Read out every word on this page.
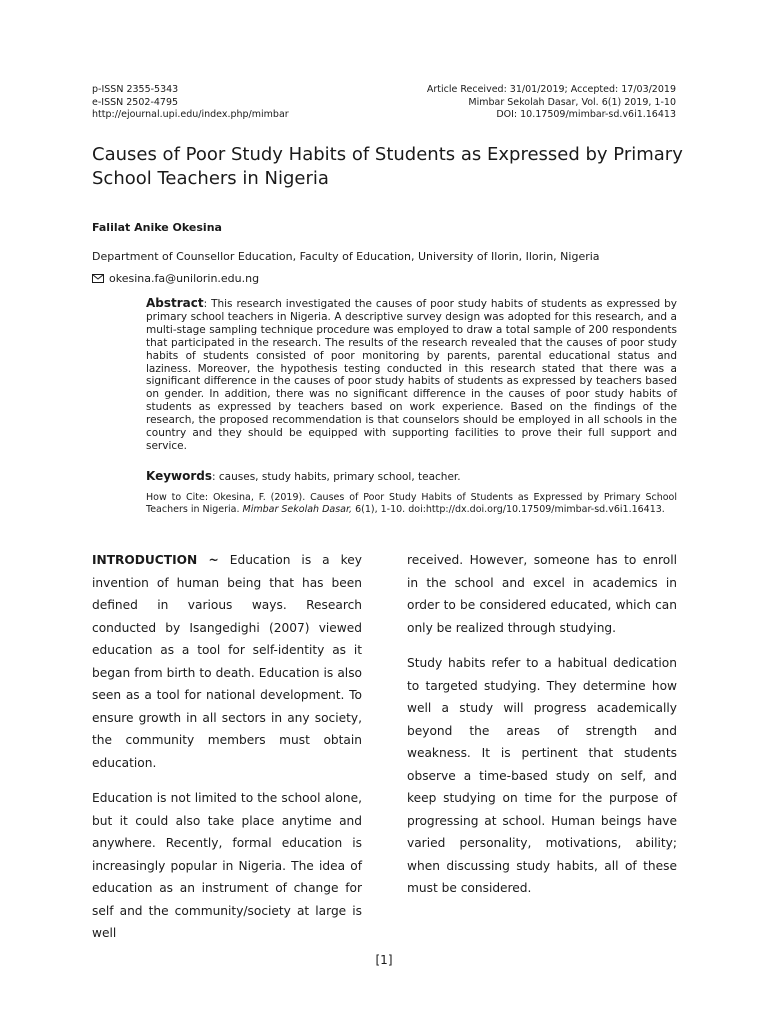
p-ISSN 2355-5343
e-ISSN 2502-4795
http://ejournal.upi.edu/index.php/mimbar
Article Received: 31/01/2019; Accepted: 17/03/2019
Mimbar Sekolah Dasar, Vol. 6(1) 2019, 1-10
DOI: 10.17509/mimbar-sd.v6i1.16413
Causes of Poor Study Habits of Students as Expressed by Primary School Teachers in Nigeria
Falilat Anike Okesina
Department of Counsellor Education, Faculty of Education, University of Ilorin, Ilorin, Nigeria
okesina.fa@unilorin.edu.ng

Abstract: This research investigated the causes of poor study habits of students as expressed by primary school teachers in Nigeria. A descriptive survey design was adopted for this research, and a multi-stage sampling technique procedure was employed to draw a total sample of 200 respondents that participated in the research. The results of the research revealed that the causes of poor study habits of students consisted of poor monitoring by parents, parental educational status and laziness. Moreover, the hypothesis testing conducted in this research stated that there was a significant difference in the causes of poor study habits of students as expressed by teachers based on gender. In addition, there was no significant difference in the causes of poor study habits of students as expressed by teachers based on work experience. Based on the findings of the research, the proposed recommendation is that counselors should be employed in all schools in the country and they should be equipped with supporting facilities to prove their full support and service.

Keywords: causes, study habits, primary school, teacher.

How to Cite: Okesina, F. (2019). Causes of Poor Study Habits of Students as Expressed by Primary School Teachers in Nigeria. Mimbar Sekolah Dasar, 6(1), 1-10. doi:http://dx.doi.org/10.17509/mimbar-sd.v6i1.16413.

INTRODUCTION ~ Education is a key invention of human being that has been defined in various ways. Research conducted by Isangedighi (2007) viewed education as a tool for self-identity as it began from birth to death. Education is also seen as a tool for national development. To ensure growth in all sectors in any society, the community members must obtain education.

Education is not limited to the school alone, but it could also take place anytime and anywhere. Recently, formal education is increasingly popular in Nigeria. The idea of education as an instrument of change for self and the community/society at large is well

received. However, someone has to enroll in the school and excel in academics in order to be considered educated, which can only be realized through studying.

Study habits refer to a habitual dedication to targeted studying. They determine how well a study will progress academically beyond the areas of strength and weakness. It is pertinent that students observe a time-based study on self, and keep studying on time for the purpose of progressing at school. Human beings have varied personality, motivations, ability; when discussing study habits, all of these must be considered.

[1]
